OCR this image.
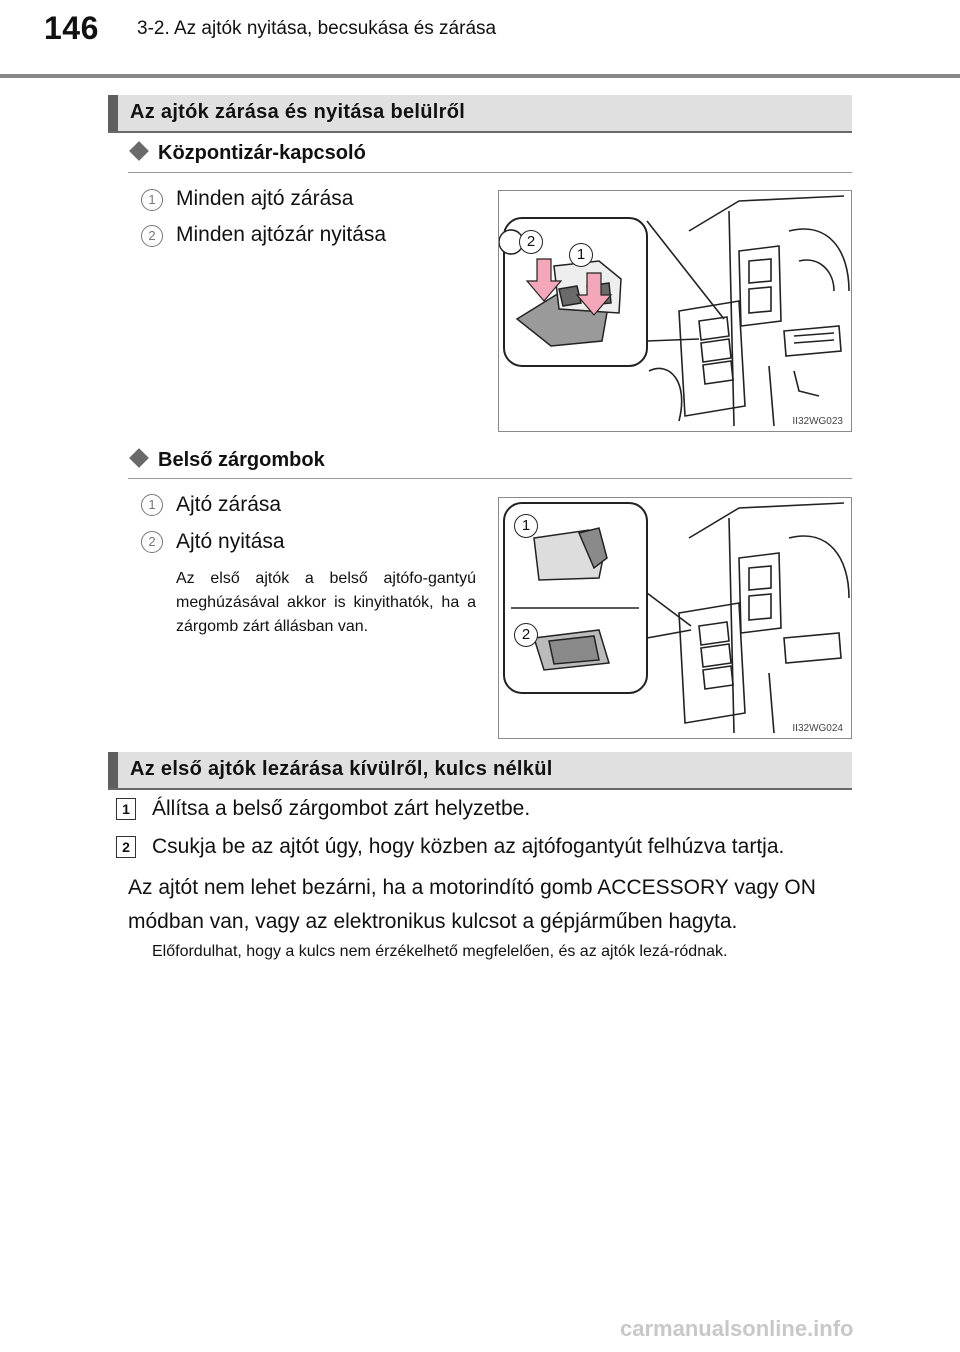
146 3-2. Az ajtók nyitása, becsukása és zárása
Az ajtók zárása és nyitása belülről
Központizár-kapcsoló
1 Minden ajtó zárása
2 Minden ajtózár nyitása	2
1
II32WG023
Belső zárgombok
1 Ajtó zárása
2 Ajtó nyitása
Az első ajtók a belső ajtófo-gantyú meghúzásával akkor is kinyithatók, ha a zárgomb zárt állásban van.
1
2
II32WG024
Az első ajtók lezárása kívülről, kulcs nélkül
1 Állítsa a belső zárgombot zárt helyzetbe.
2 Csukja be az ajtót úgy, hogy közben az ajtófogantyút felhúzva tartja.
Az ajtót nem lehet bezárni, ha a motorindító gomb ACCESSORY vagy ON módban van, vagy az elektronikus kulcsot a gépjárműben hagyta.
Előfordulhat, hogy a kulcs nem érzékelhető megfelelően, és az ajtók lezá-ródnak.
carmanualsonline.info
